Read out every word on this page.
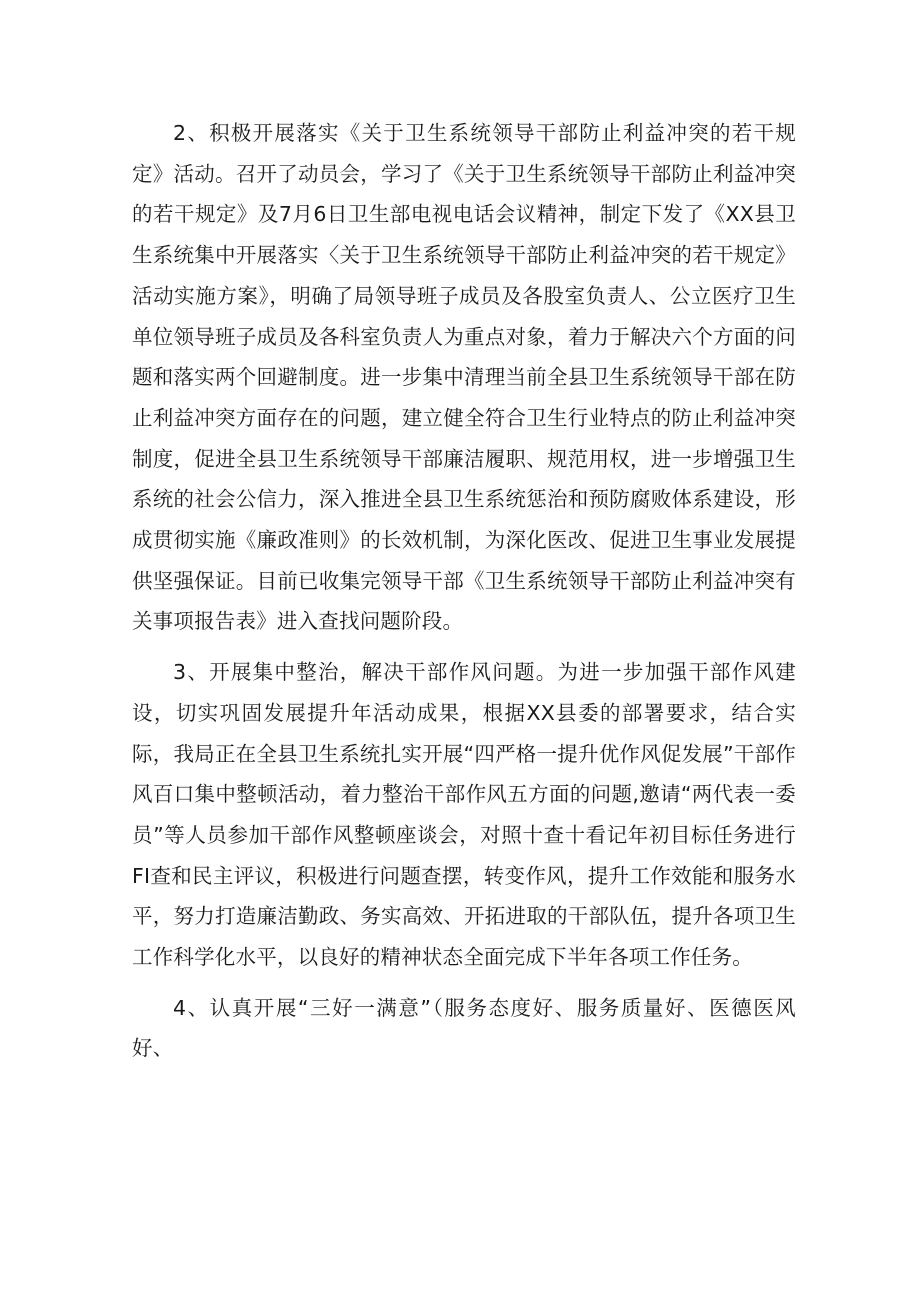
2、积极开展落实《关于卫生系统领导干部防止利益冲突的若干规定》活动。召开了动员会，学习了《关于卫生系统领导干部防止利益冲突的若干规定》及7月6日卫生部电视电话会议精神，制定下发了《XX县卫生系统集中开展落实〈关于卫生系统领导干部防止利益冲突的若干规定》活动实施方案》，明确了局领导班子成员及各股室负责人、公立医疗卫生单位领导班子成员及各科室负责人为重点对象，着力于解决六个方面的问题和落实两个回避制度。进一步集中清理当前全县卫生系统领导干部在防止利益冲突方面存在的问题，建立健全符合卫生行业特点的防止利益冲突制度，促进全县卫生系统领导干部廉洁履职、规范用权，进一步增强卫生系统的社会公信力，深入推进全县卫生系统惩治和预防腐败体系建设，形成贯彻实施《廉政准则》的长效机制，为深化医改、促进卫生事业发展提供坚强保证。目前已收集完领导干部《卫生系统领导干部防止利益冲突有关事项报告表》进入查找问题阶段。

3、开展集中整治，解决干部作风问题。为进一步加强干部作风建设，切实巩固发展提升年活动成果，根据XX县委的部署要求，结合实际，我局正在全县卫生系统扎实开展“四严格一提升优作风促发展”干部作风百口集中整顿活动，着力整治干部作风五方面的问题,邀请“两代表一委员”等人员参加干部作风整顿座谈会，对照十查十看记年初目标任务进行FI查和民主评议，积极进行问题查摆，转变作风，提升工作效能和服务水平，努力打造廉洁勤政、务实高效、开拓进取的干部队伍，提升各项卫生工作科学化水平，以良好的精神状态全面完成下半年各项工作任务。

4、认真开展“三好一满意”（服务态度好、服务质量好、医德医风好、
